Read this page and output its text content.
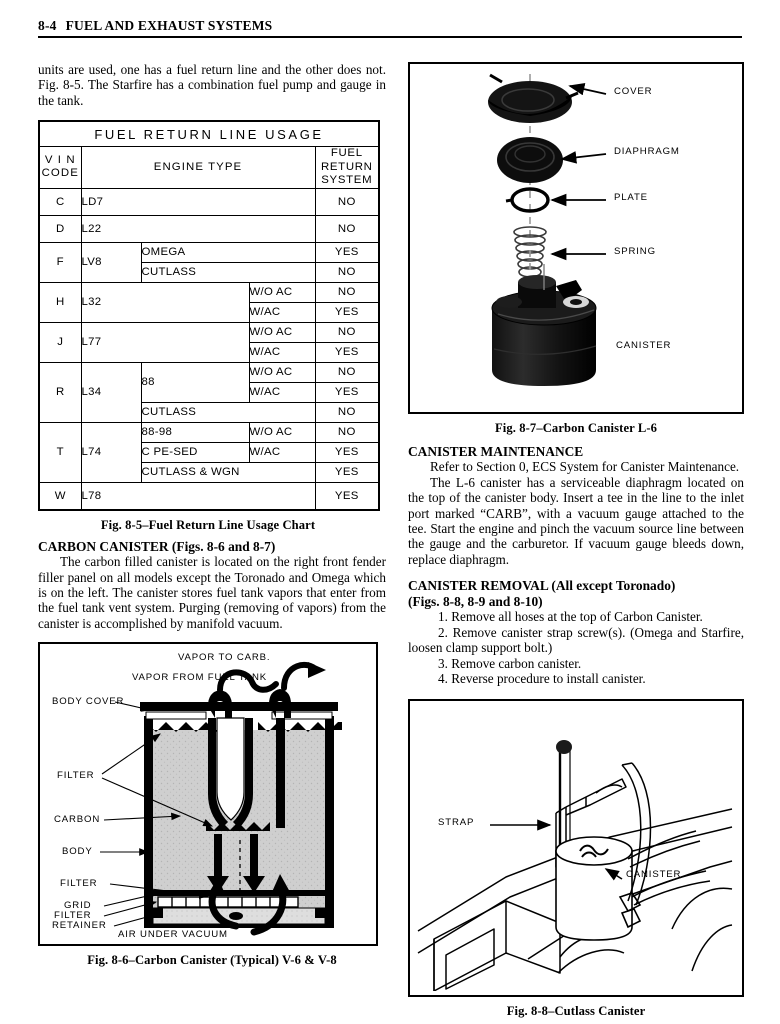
8-4 FUEL AND EXHAUST SYSTEMS

units are used, one has a fuel return line and the other does not. Fig. 8-5. The Starfire has a combination fuel pump and gauge in the tank.

FUEL RETURN LINE USAGE				

V I N
CODE
	ENGINE TYPE	
FUEL RETURN
SYSTEM

C	LD7			NO
D	L22			NO
F	LV8	OMEGA		YES
		CUTLASS		NO
H	L32		W/O AC	NO
			W/AC	YES
J	L77		W/O AC	NO
			W/AC	YES
R	L34	88	W/O AC	NO
			W/AC	YES
		CUTLASS		NO
T	L74	88-98	W/O AC	NO
		C PE-SED	W/AC	YES
		CUTLASS & WGN		YES
W	L78			YES
Fig. 8-5–Fuel Return Line Usage Chart
CARBON CANISTER (Figs. 8-6 and 8-7)

The carbon filled canister is located on the right front fender filler panel on all models except the Toronado and Omega which is on the left. The canister stores fuel tank vapors that enter from the fuel tank vent system. Purging (removing of vapors) from the canister is accomplished by manifold vacuum.

VAPOR TO CARB.
VAPOR FROM FUEL TANK
BODY COVER
FILTER
CARBON
BODY
FILTER
GRID
FILTER
RETAINER
AIR UNDER VACUUM
Fig. 8-6–Carbon Canister (Typical) V-6 & V-8
COVER
DIAPHRAGM
PLATE
SPRING
CANISTER
Fig. 8-7–Carbon Canister L-6
CANISTER MAINTENANCE

Refer to Section 0, ECS System for Canister Maintenance.

The L-6 canister has a serviceable diaphragm located on the top of the canister body. Insert a tee in the line to the inlet port marked “CARB”, with a vacuum gauge attached to the tee. Start the engine and pinch the vacuum source line between the gauge and the carburetor. If vacuum gauge bleeds down, replace diaphragm.

CANISTER REMOVAL (All except Toronado)
(Figs. 8-8, 8-9 and 8-10)
1. Remove all hoses at the top of Carbon Canister.
2. Remove canister strap screw(s). (Omega and Starfire, loosen clamp support bolt.)
3. Remove carbon canister.
4. Reverse procedure to install canister.
STRAP
CANISTER
Fig. 8-8–Cutlass Canister
